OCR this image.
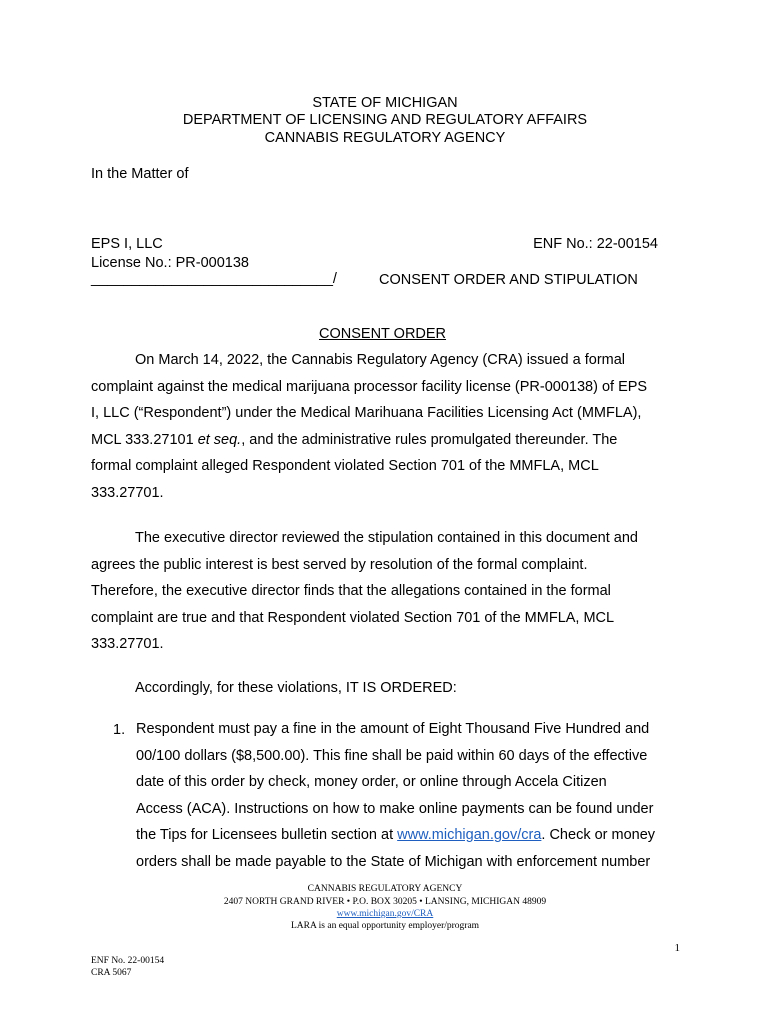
STATE OF MICHIGAN
DEPARTMENT OF LICENSING AND REGULATORY AFFAIRS
CANNABIS REGULATORY AGENCY
In the Matter of
EPS I, LLC
License No.: PR-000138
______________________________/
ENF No.: 22-00154
CONSENT ORDER AND STIPULATION
CONSENT ORDER
On March 14, 2022, the Cannabis Regulatory Agency (CRA) issued a formal
complaint against the medical marijuana processor facility license (PR-000138) of EPS
I, LLC (“Respondent”) under the Medical Marihuana Facilities Licensing Act (MMFLA),
MCL 333.27101 et seq., and the administrative rules promulgated thereunder. The
formal complaint alleged Respondent violated Section 701 of the MMFLA, MCL
333.27701.
The executive director reviewed the stipulation contained in this document and
agrees the public interest is best served by resolution of the formal complaint.
Therefore, the executive director finds that the allegations contained in the formal
complaint are true and that Respondent violated Section 701 of the MMFLA, MCL
333.27701.
Accordingly, for these violations, IT IS ORDERED:
1. Respondent must pay a fine in the amount of Eight Thousand Five Hundred and
00/100 dollars ($8,500.00). This fine shall be paid within 60 days of the effective
date of this order by check, money order, or online through Accela Citizen
Access (ACA). Instructions on how to make online payments can be found under
the Tips for Licensees bulletin section at www.michigan.gov/cra. Check or money
orders shall be made payable to the State of Michigan with enforcement number
CANNABIS REGULATORY AGENCY
2407 NORTH GRAND RIVER • P.O. BOX 30205 • LANSING, MICHIGAN 48909
www.michigan.gov/CRA
LARA is an equal opportunity employer/program
1
ENF No. 22-00154
CRA 5067
